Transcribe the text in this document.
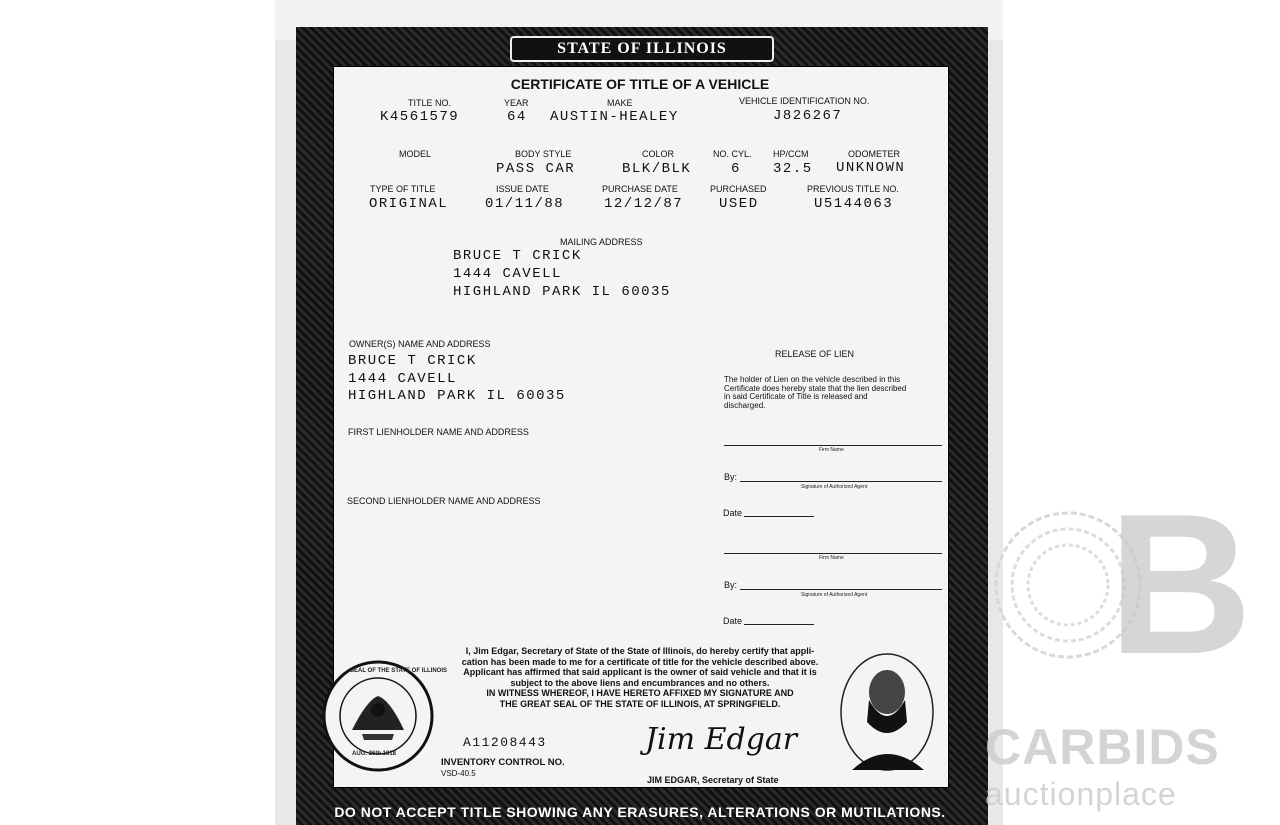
STATE OF ILLINOIS
CERTIFICATE OF TITLE OF A VEHICLE
TITLE NO.
K4561579
YEAR
64
MAKE
AUSTIN-HEALEY
VEHICLE IDENTIFICATION NO.
J826267
MODEL	BODY STYLE
PASS CAR
COLOR
BLK/BLK
NO. CYL.
6
HP/CCM
32.5
ODOMETER
UNKNOWN
TYPE OF TITLE
ORIGINAL
ISSUE DATE
01/11/88
PURCHASE DATE
12/12/87
PURCHASED
USED
PREVIOUS TITLE NO.
U5144063
MAILING ADDRESS
BRUCE T CRICK
1444 CAVELL
HIGHLAND PARK IL 60035
OWNER(S) NAME AND ADDRESS
BRUCE T CRICK
1444 CAVELL
HIGHLAND PARK IL 60035
FIRST LIENHOLDER NAME AND ADDRESS
SECOND LIENHOLDER NAME AND ADDRESS
RELEASE OF LIEN
The holder of Lien on the vehicle described in this Certificate does hereby state that the lien described in said Certificate of Title is released and discharged.
Firm Name
By:
Signature of Authorized Agent
Date
Firm Name
By:
Signature of Authorized Agent
Date
I, Jim Edgar, Secretary of State of the State of Illinois, do hereby certify that appli-
cation has been made to me for a certificate of title for the vehicle described above.
Applicant has affirmed that said applicant is the owner of said vehicle and that it is
subject to the above liens and encumbrances and no others.
IN WITNESS WHEREOF, I HAVE HERETO AFFIXED MY SIGNATURE AND
THE GREAT SEAL OF THE STATE OF ILLINOIS, AT SPRINGFIELD.
A11208443
INVENTORY CONTROL NO.
VSD-40.5
Jim Edgar
JIM EDGAR, Secretary of State
SEAL OF THE STATE OF ILLINOIS
AUG. 26th 1818
DO NOT ACCEPT TITLE SHOWING ANY ERASURES, ALTERATIONS OR MUTILATIONS.
B
CARBIDS
auctionplace
